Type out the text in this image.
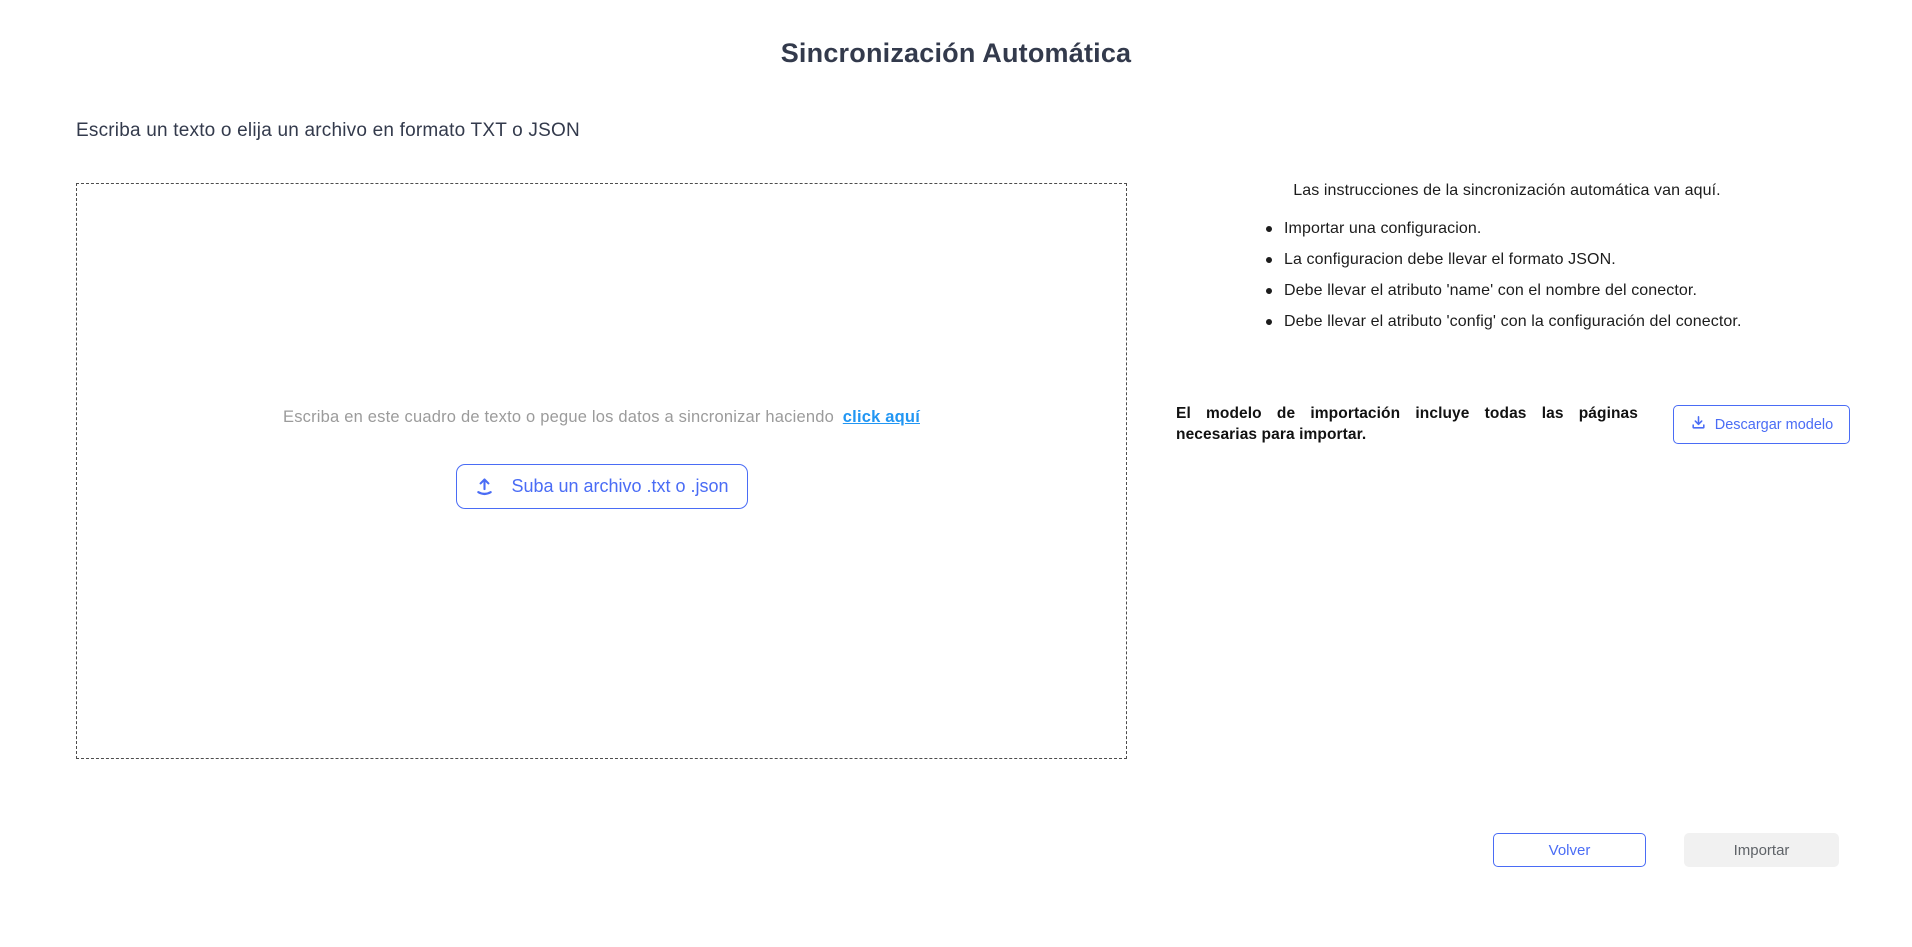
Sincronización Automática
Escriba un texto o elija un archivo en formato TXT o JSON
Escriba en este cuadro de texto o pegue los datos a sincronizar haciendo click aquí
Suba un archivo .txt o .json
Las instrucciones de la sincronización automática van aquí.
Importar una configuracion.
La configuracion debe llevar el formato JSON.
Debe llevar el atributo 'name' con el nombre del conector.
Debe llevar el atributo 'config' con la configuración del conector.
El modelo de importación incluye todas las páginas necesarias para importar.
Descargar modelo
Volver	Importar
